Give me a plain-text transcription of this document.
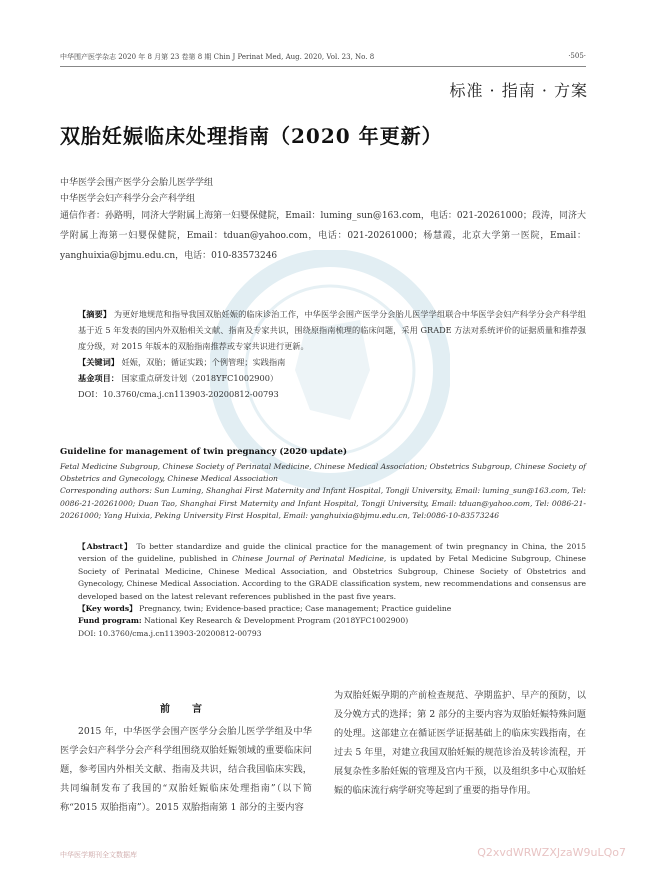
中华围产医学杂志 2020 年 8 月第 23 卷第 8 期 Chin J Perinat Med, Aug. 2020, Vol. 23, No. 8	·505·
标准 · 指南 · 方案
双胎妊娠临床处理指南（2020 年更新）
中华医学会围产医学分会胎儿医学学组
中华医学会妇产科学分会产科学组
通信作者：孙路明，同济大学附属上海第一妇婴保健院，Email：luming_sun@163.com，电话：021-20261000；段涛，同济大学附属上海第一妇婴保健院，Email：tduan@yahoo.com，电话：021-20261000；杨慧霞，北京大学第一医院，Email：yanghuixia@bjmu.edu.cn，电话：010-83573246
【摘要】 为更好地规范和指导我国双胎妊娠的临床诊治工作，中华医学会围产医学分会胎儿医学学组联合中华医学会妇产科学分会产科学组基于近 5 年发表的国内外双胎相关文献、指南及专家共识，围绕原指南梳理的临床问题，采用 GRADE 方法对系统评价的证据质量和推荐强度分级，对 2015 年版本的双胎指南推荐或专家共识进行更新。
【关键词】 妊娠，双胎；循证实践；个例管理；实践指南
基金项目： 国家重点研发计划（2018YFC1002900）
DOI：10.3760/cma.j.cn113903-20200812-00793
Guideline for management of twin pregnancy (2020 update)
Fetal Medicine Subgroup, Chinese Society of Perinatal Medicine, Chinese Medical Association; Obstetrics Subgroup, Chinese Society of Obstetrics and Gynecology, Chinese Medical Association
Corresponding authors: Sun Luming, Shanghai First Maternity and Infant Hospital, Tongji University, Email: luming_sun@163.com, Tel: 0086-21-20261000; Duan Tao, Shanghai First Maternity and Infant Hospital, Tongji University, Email: tduan@yahoo.com, Tel: 0086-21-20261000; Yang Huixia, Peking University First Hospital, Email: yanghuixia@bjmu.edu.cn, Tel:0086-10-83573246
【Abstract】 To better standardize and guide the clinical practice for the management of twin pregnancy in China, the 2015 version of the guideline, published in Chinese Journal of Perinatal Medicine, is updated by Fetal Medicine Subgroup, Chinese Society of Perinatal Medicine, Chinese Medical Association, and Obstetrics Subgroup, Chinese Society of Obstetrics and Gynecology, Chinese Medical Association. According to the GRADE classification system, new recommendations and consensus are developed based on the latest relevant references published in the past five years.
【Key words】 Pregnancy, twin; Evidence-based practice; Case management; Practice guideline
Fund program: National Key Research & Development Program (2018YFC1002900)
DOI: 10.3760/cma.j.cn113903-20200812-00793
前　言
2015 年，中华医学会围产医学分会胎儿医学学组及中华医学会妇产科学分会产科学组围绕双胎妊娠领域的重要临床问题，参考国内外相关文献、指南及共识，结合我国临床实践，共同编制发布了我国的“双胎妊娠临床处理指南”（以下简称“2015 双胎指南”）。2015 双胎指南第 1 部分的主要内容
为双胎妊娠孕期的产前检查规范、孕期监护、早产的预防，以及分娩方式的选择；第 2 部分的主要内容为双胎妊娠特殊问题的处理。这部建立在循证医学证据基础上的临床实践指南，在过去 5 年里，对建立我国双胎妊娠的规范诊治及转诊流程，开展复杂性多胎妊娠的管理及宫内干预，以及组织多中心双胎妊娠的临床流行病学研究等起到了重要的指导作用。
中华医学期刊全文数据库	Q2xvdWRWZXJzaW9uLQo7
